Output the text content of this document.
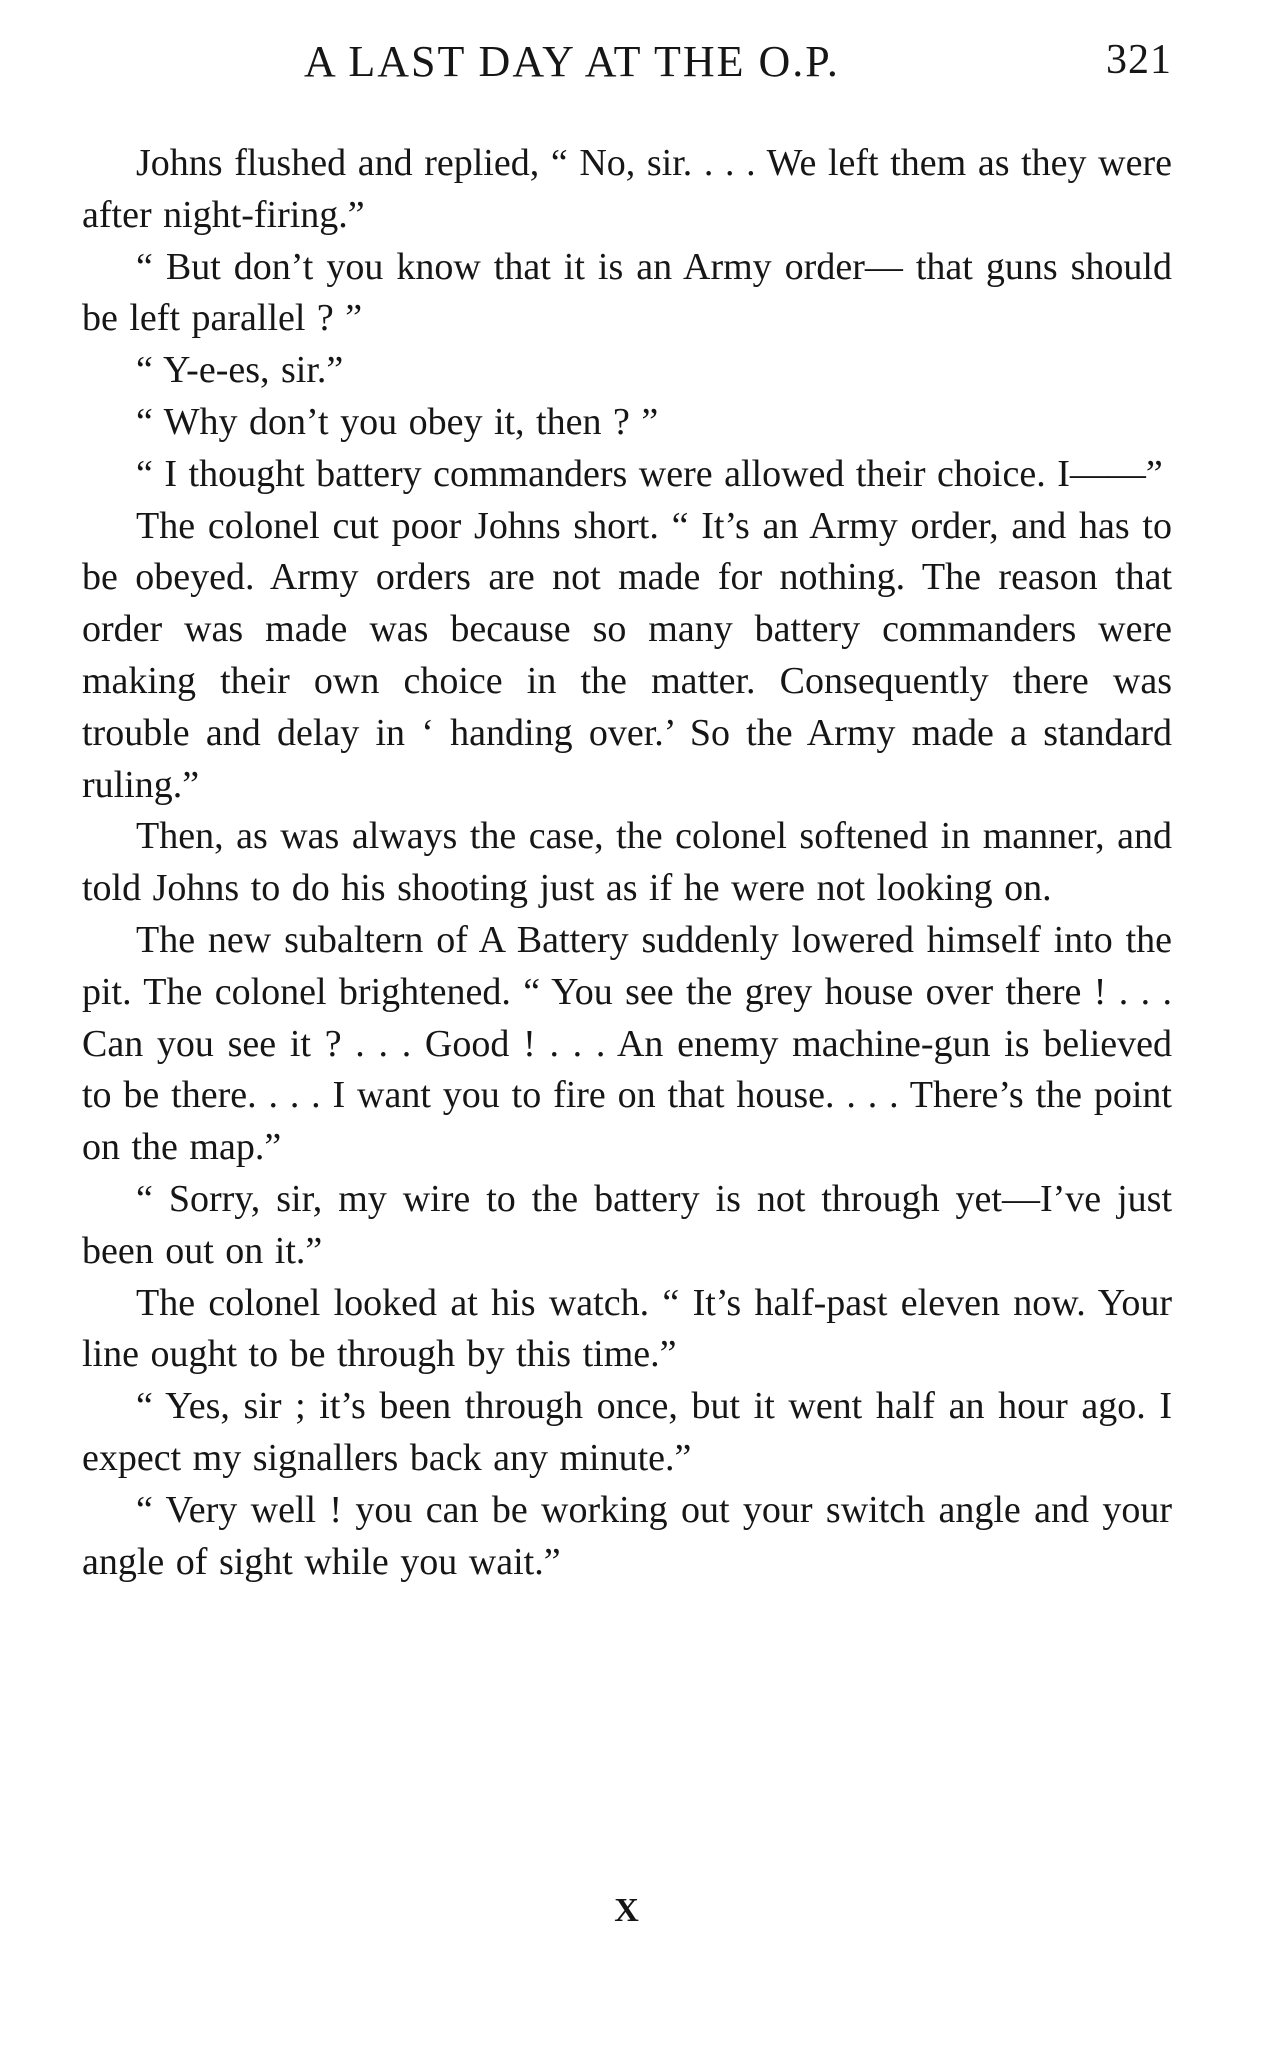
A LAST DAY AT THE O.P.	321

Johns flushed and replied, “ No, sir. . . . We left them as they were after night-firing.”

“ But don’t you know that it is an Army order— that guns should be left parallel ? ”

“ Y-e-es, sir.”

“ Why don’t you obey it, then ? ”

“ I thought battery commanders were allowed their choice. I——”

The colonel cut poor Johns short. “ It’s an Army order, and has to be obeyed. Army orders are not made for nothing. The reason that order was made was because so many battery commanders were making their own choice in the matter. Consequently there was trouble and delay in ‘ handing over.’ So the Army made a standard ruling.”

Then, as was always the case, the colonel softened in manner, and told Johns to do his shooting just as if he were not looking on.

The new subaltern of A Battery suddenly lowered himself into the pit. The colonel brightened. “ You see the grey house over there ! . . . Can you see it ? . . . Good ! . . . An enemy machine-gun is believed to be there. . . . I want you to fire on that house. . . . There’s the point on the map.”

“ Sorry, sir, my wire to the battery is not through yet—I’ve just been out on it.”

The colonel looked at his watch. “ It’s half-past eleven now. Your line ought to be through by this time.”

“ Yes, sir ; it’s been through once, but it went half an hour ago. I expect my signallers back any minute.”

“ Very well ! you can be working out your switch angle and your angle of sight while you wait.”

X
